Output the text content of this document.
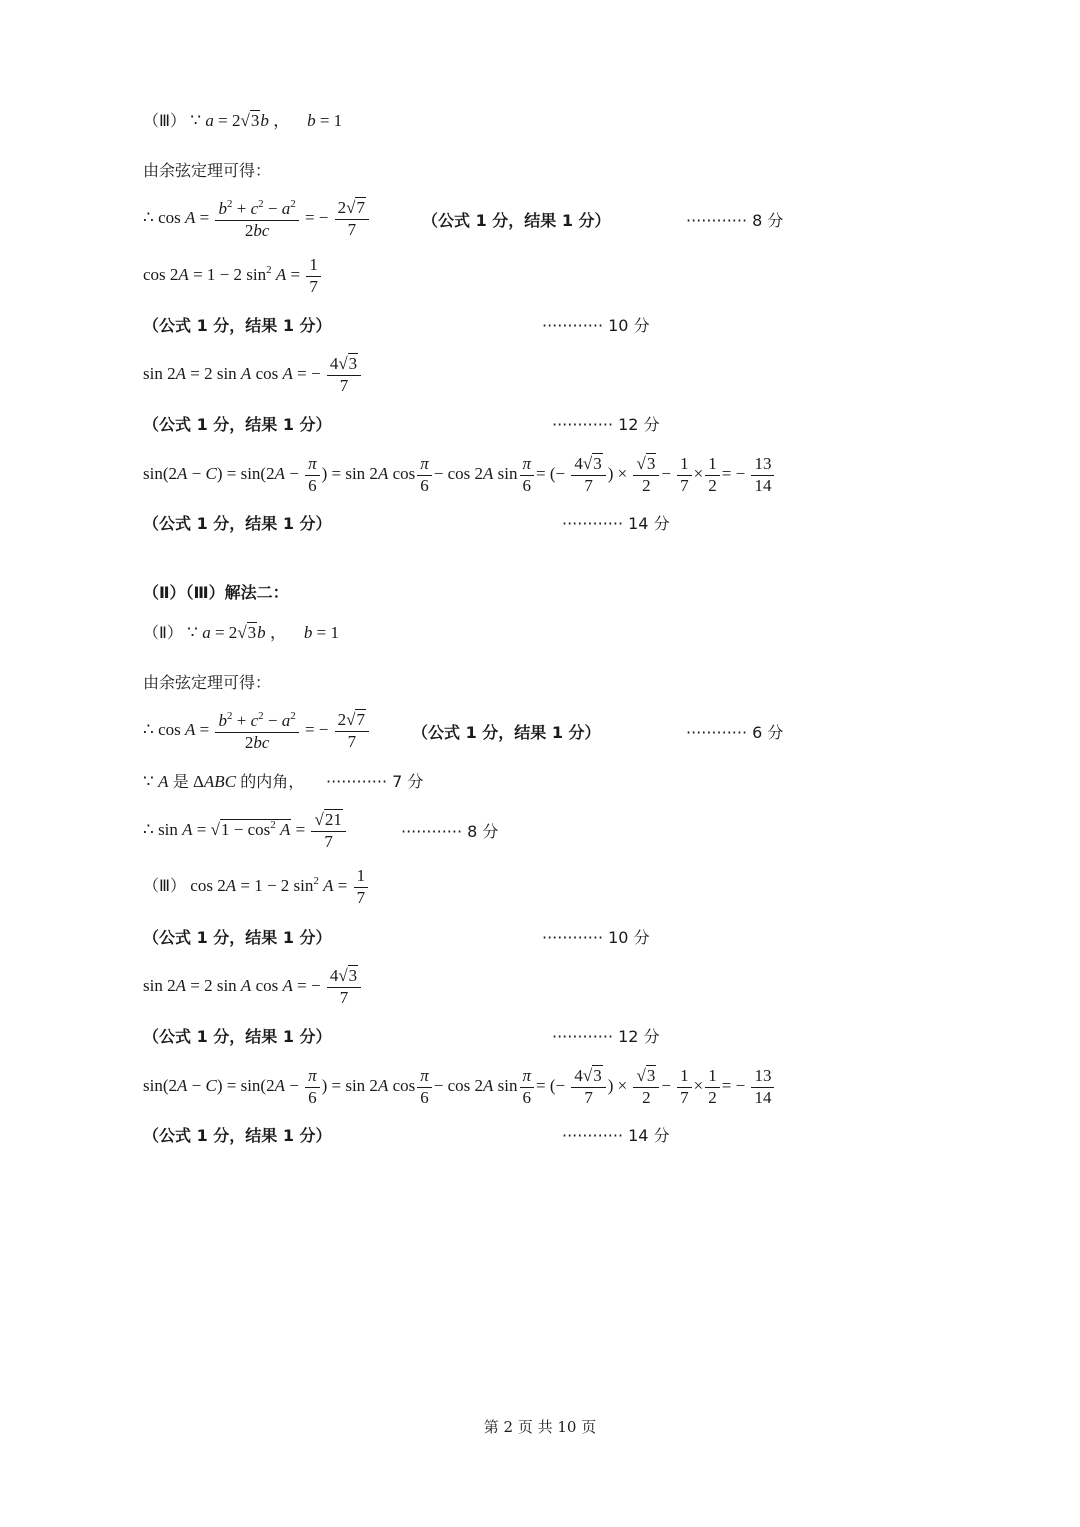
（Ⅲ） ∵ a = 2√3b ，    b = 1
由余弦定理可得：
∴ $\cos A = \frac{b^2 + c^2 - a^2}{2bc}$ = − $\frac{2√7}{7}$	（公式 1 分，结果 1 分）	············ 8 分
cos 2A = 1 − 2 $\sin^2 A = \frac{1}{7}$
（公式 1 分，结果 1 分）	············ 10 分
sin 2A = 2 sin A cos A = − $\frac{4√3}{7}$
（公式 1 分，结果 1 分）	············ 12 分
$\sin(2A - C) = \sin(2A - \frac{\pi}{6}$ ) = sin 2A $\cos \frac{\pi}{6} - \cos 2A$ $\sin \frac{\pi}{6}$ = (− $\frac{4√3}{7}$ ) × $\frac{√3}{2} - \frac{1}{7} \times \frac{1}{2}$ = − $\frac{13}{14}$
（公式 1 分，结果 1 分）	············ 14 分
（Ⅱ）（Ⅲ）解法二：
（Ⅱ） ∵ a = 2√3b ，    b = 1
由余弦定理可得：
∴ $\cos A = \frac{b^2 + c^2 - a^2}{2bc}$ = − $\frac{2√7}{7}$	（公式 1 分，结果 1 分）	············ 6 分
∵ A 是 ΔABC 的内角， ············ 7 分
∴ $\sin A = √1 - \cos^2 A = \frac{√21}{7}$	············ 8 分
（Ⅲ） cos 2A = 1 − 2 $\sin^2 A = \frac{1}{7}$
（公式 1 分，结果 1 分）	············ 10 分
sin 2A = 2 sin A cos A = − $\frac{4√3}{7}$
（公式 1 分，结果 1 分）	············ 12 分
$\sin(2A - C) = \sin(2A - \frac{\pi}{6}$ ) = sin 2A $\cos \frac{\pi}{6} - \cos 2A$ $\sin \frac{\pi}{6}$ = (− $\frac{4√3}{7}$ ) × $\frac{√3}{2} - \frac{1}{7} \times \frac{1}{2}$ = − $\frac{13}{14}$
（公式 1 分，结果 1 分）	············ 14 分
第 2 页 共 10 页
